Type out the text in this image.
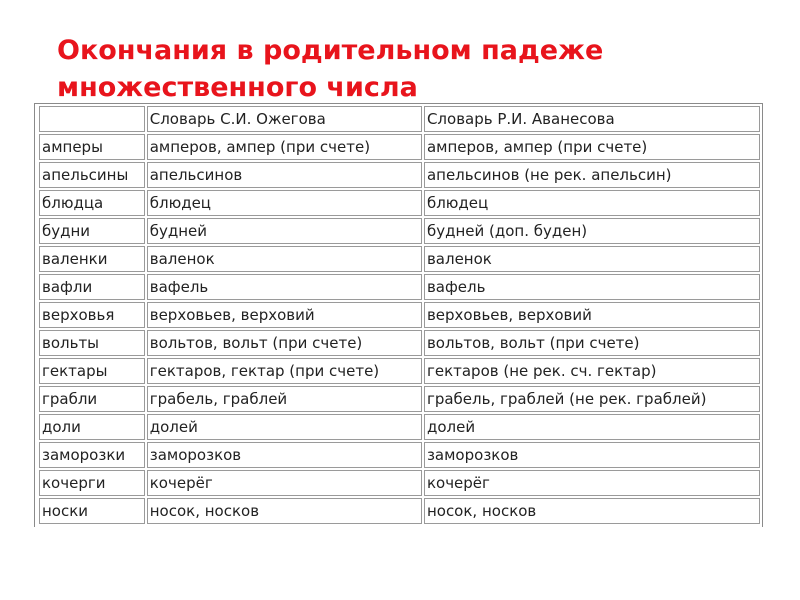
Окончания в родительном падеже
множественного числа
	Словарь С.И. Ожегова	Словарь Р.И. Аванесова
амперы	амперов, ампер (при счете)	амперов, ампер (при счете)
апельсины	апельсинов	апельсинов (не рек. апельсин)
блюдца	блюдец	блюдец
будни	будней	будней (доп. буден)
валенки	валенок	валенок
вафли	вафель	вафель
верховья	верховьев, верховий	верховьев, верховий
вольты	вольтов, вольт (при счете)	вольтов, вольт (при счете)
гектары	гектаров, гектар (при счете)	гектаров (не рек. сч. гектар)
грабли	грабель, граблей	грабель, граблей (не рек. граблей)
доли	долей	долей
заморозки	заморозков	заморозков
кочерги	кочерёг	кочерёг
носки	носок, носков	носок, носков
